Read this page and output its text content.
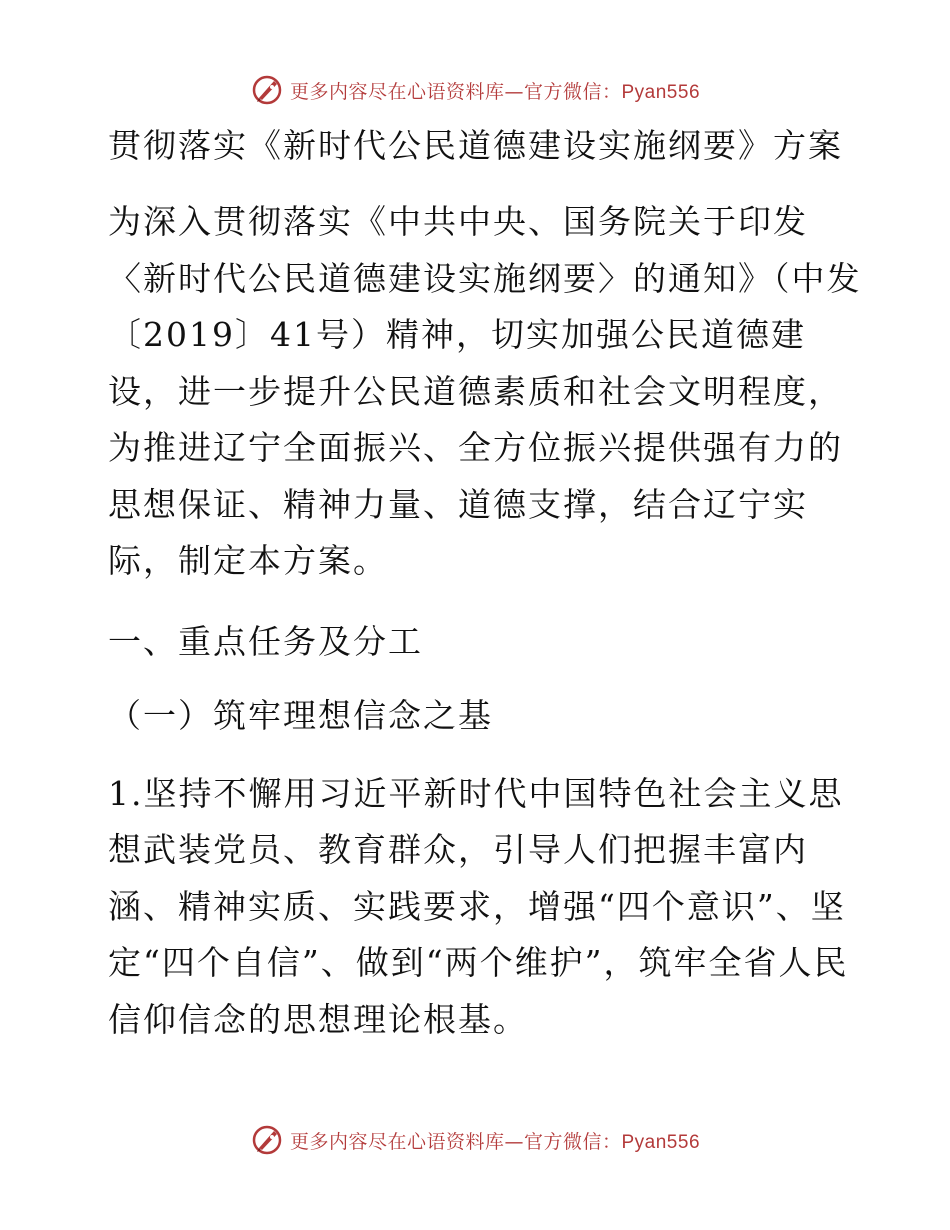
更多内容尽在心语资料库—官方微信：Pyan556
贯彻落实《新时代公民道德建设实施纲要》方案

为深入贯彻落实《中共中央、国务院关于印发〈新时代公民道德建设实施纲要〉的通知》（中发〔2019〕41号）精神，切实加强公民道德建设，进一步提升公民道德素质和社会文明程度，为推进辽宁全面振兴、全方位振兴提供强有力的思想保证、精神力量、道德支撑，结合辽宁实际，制定本方案。

一、重点任务及分工

（一）筑牢理想信念之基

1.坚持不懈用习近平新时代中国特色社会主义思想武装党员、教育群众，引导人们把握丰富内涵、精神实质、实践要求，增强“四个意识”、坚定“四个自信”、做到“两个维护”，筑牢全省人民信仰信念的思想理论根基。

更多内容尽在心语资料库—官方微信：Pyan556
